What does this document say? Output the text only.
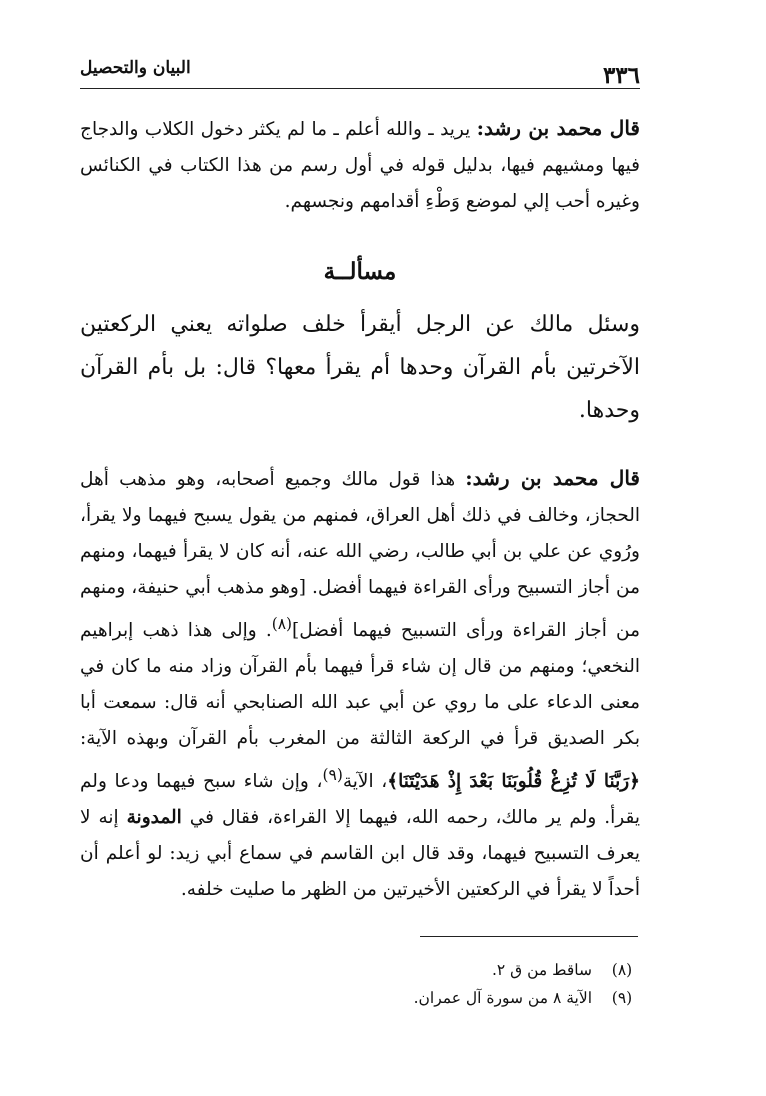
٣٣٦
البيان والتحصيل

قال محمد بن رشد: يريد ـ والله أعلم ـ ما لم يكثر دخول الكلاب والدجاج فيها ومشيهم فيها، بدليل قوله في أول رسم من هذا الكتاب في الكنائس وغيره أحب إلي لموضع وَطْءِ أقدامهم ونجسهم.

مسألــة

وسئل مالك عن الرجل أيقرأ خلف صلواته يعني الركعتين الآخرتين بأم القرآن وحدها أم يقرأ معها؟ قال: بل بأم القرآن وحدها.

قال محمد بن رشد: هذا قول مالك وجميع أصحابه، وهو مذهب أهل الحجاز، وخالف في ذلك أهل العراق، فمنهم من يقول يسبح فيهما ولا يقرأ، ورُوي عن علي بن أبي طالب، رضي الله عنه، أنه كان لا يقرأ فيهما، ومنهم من أجاز التسبيح ورأى القراءة فيهما أفضل. [وهو مذهب أبي حنيفة، ومنهم من أجاز القراءة ورأى التسبيح فيهما أفضل]$^{(٨)}$. وإلى هذا ذهب إبراهيم النخعي؛ ومنهم من قال إن شاء قرأ فيهما بأم القرآن وزاد منه ما كان في معنى الدعاء على ما روي عن أبي عبد الله الصنابحي أنه قال: سمعت أبا بكر الصديق قرأ في الركعة الثالثة من المغرب بأم القرآن وبهذه الآية: ﴿رَبَّنَا لَا تُزِغْ قُلُوبَنَا بَعْدَ إِذْ هَدَيْتَنَا﴾، الآية$^{(٩)}$، وإن شاء سبح فيهما ودعا ولم يقرأ. ولم ير مالك، رحمه الله، فيهما إلا القراءة، فقال في المدونة إنه لا يعرف التسبيح فيهما، وقد قال ابن القاسم في سماع أبي زيد: لو أعلم أن أحداً لا يقرأ في الركعتين الأخيرتين من الظهر ما صليت خلفه.

(٨)
ساقط من ق ٢.
(٩)
الآية ٨ من سورة آل عمران.
